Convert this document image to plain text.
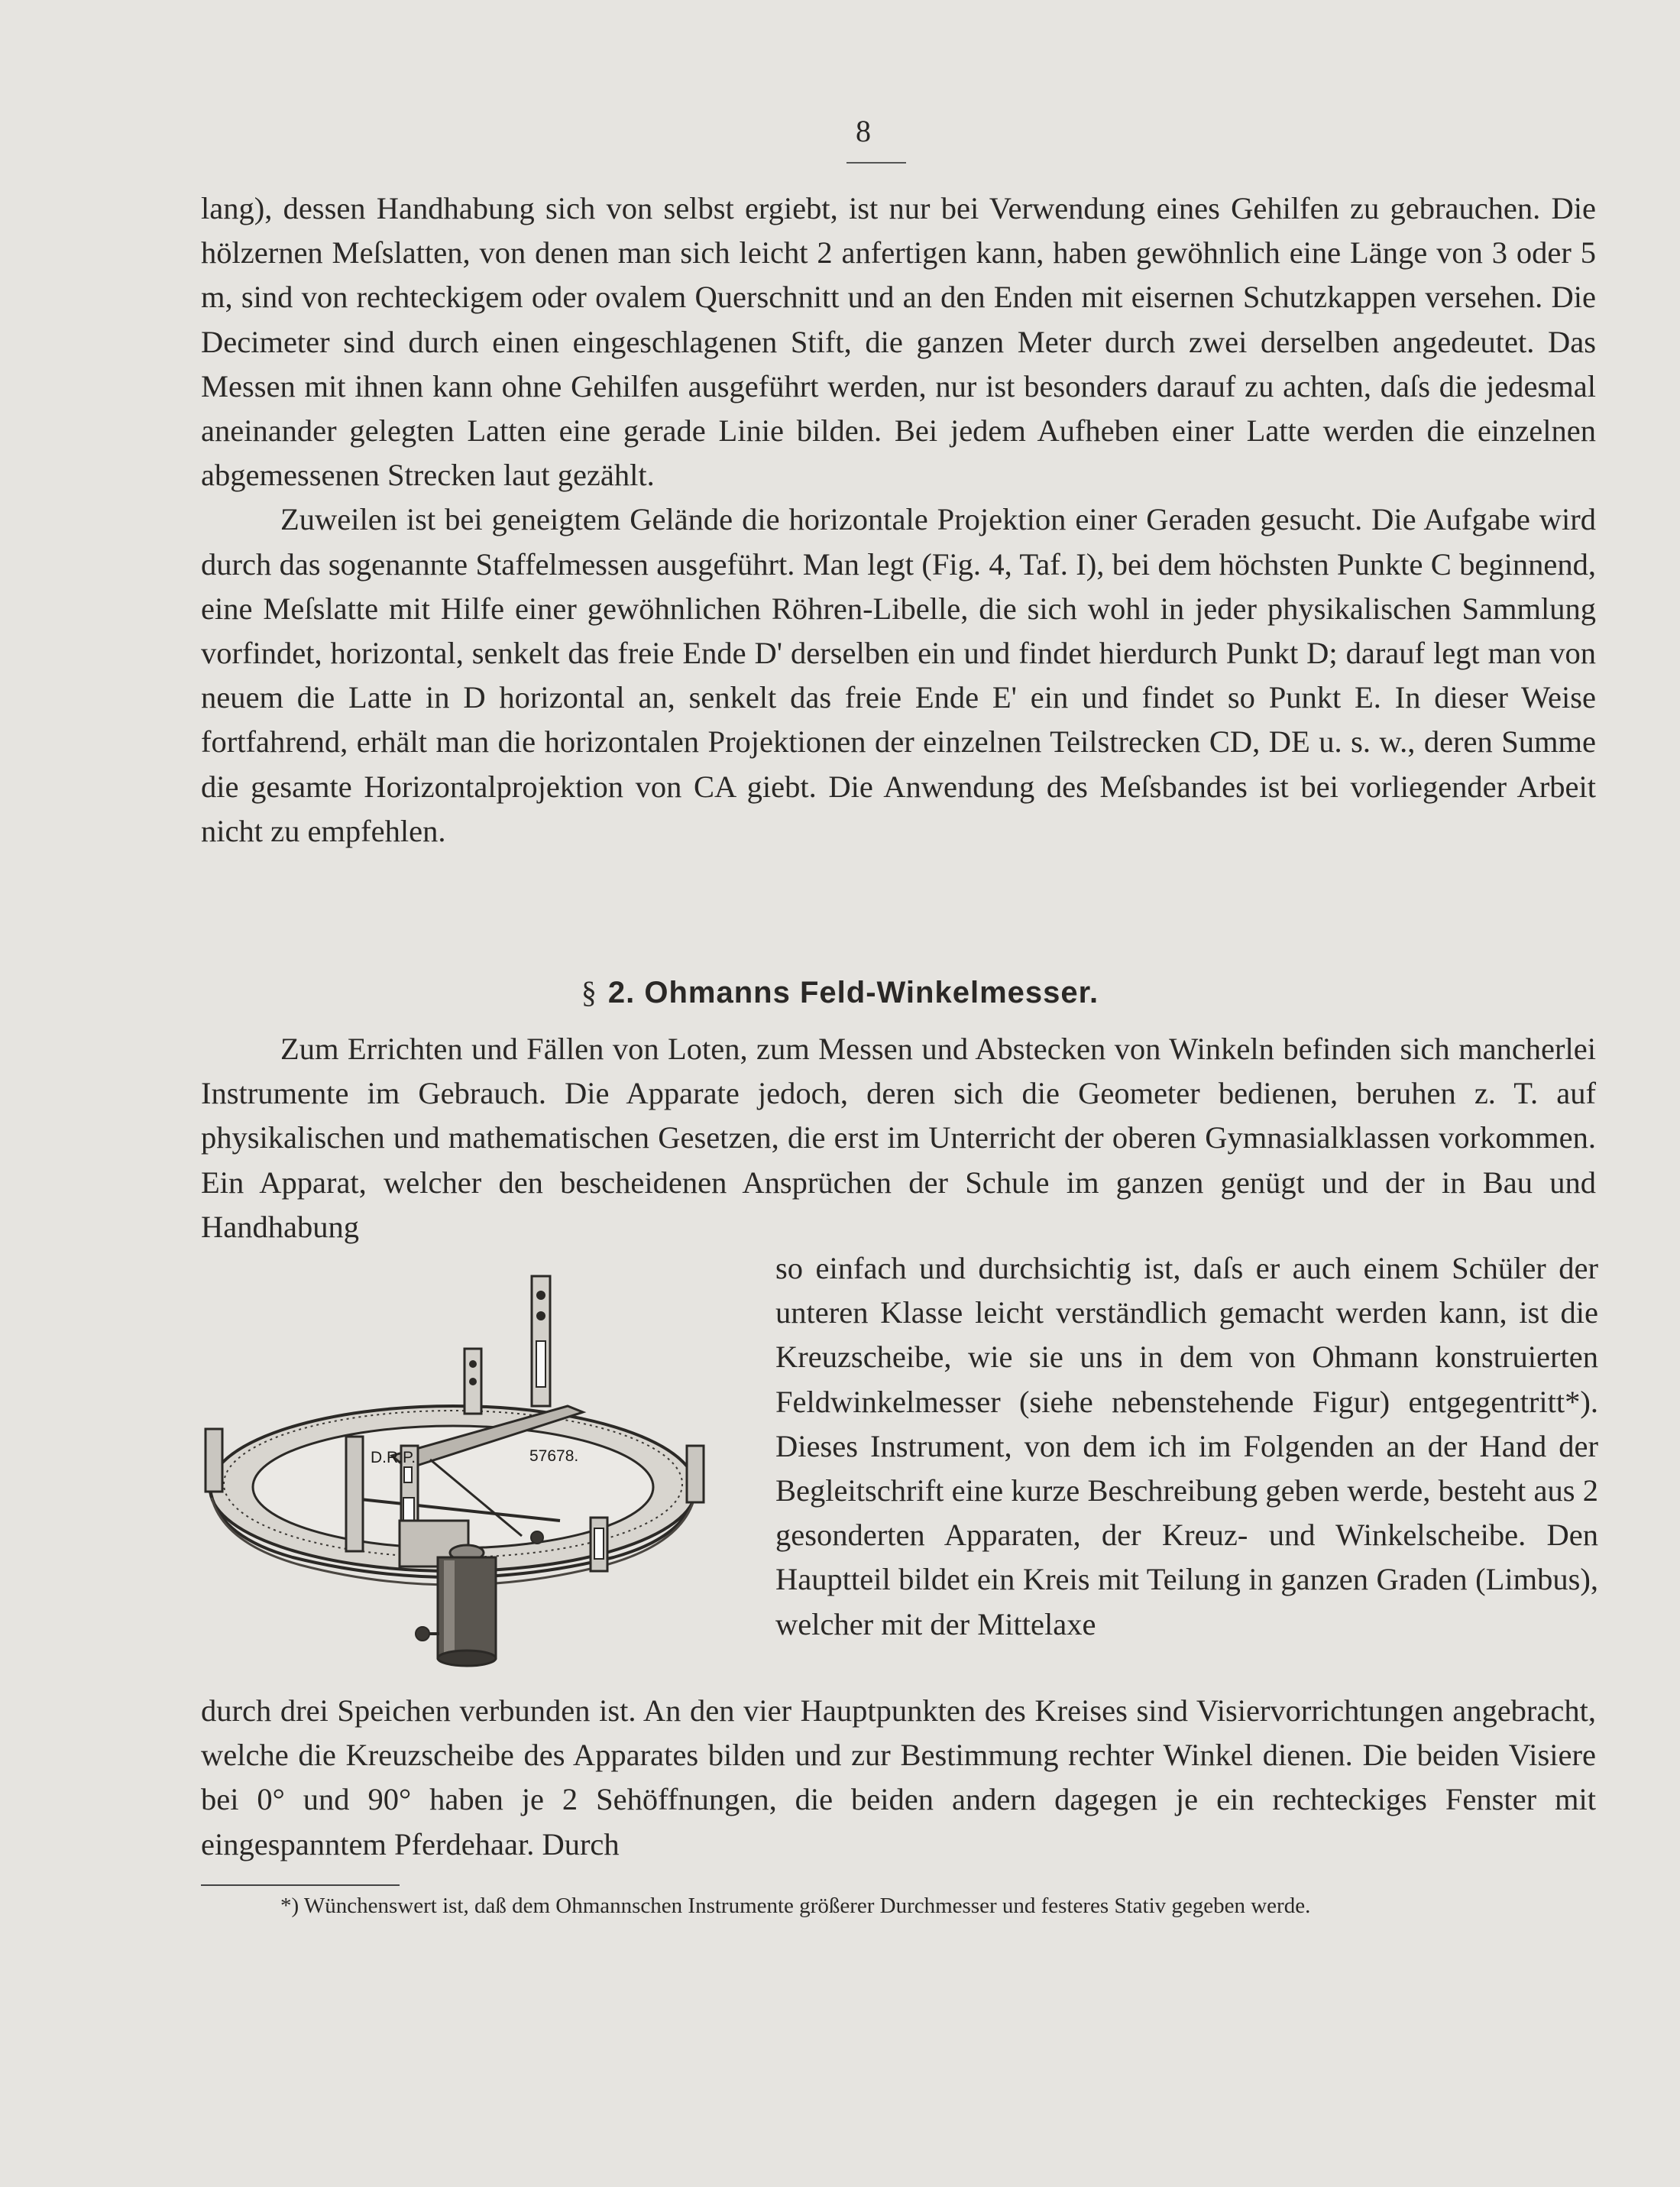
8

lang), dessen Handhabung sich von selbst ergiebt, ist nur bei Verwendung eines Gehilfen zu gebrauchen. Die hölzernen Meſslatten, von denen man sich leicht 2 anfertigen kann, haben gewöhnlich eine Länge von 3 oder 5 m, sind von rechteckigem oder ovalem Querschnitt und an den Enden mit eisernen Schutzkappen versehen. Die Decimeter sind durch einen eingeschlagenen Stift, die ganzen Meter durch zwei derselben angedeutet. Das Messen mit ihnen kann ohne Gehilfen ausgeführt werden, nur ist besonders darauf zu achten, daſs die jedesmal aneinander gelegten Latten eine gerade Linie bilden. Bei jedem Aufheben einer Latte werden die einzelnen abgemessenen Strecken laut gezählt.

Zuweilen ist bei geneigtem Gelände die horizontale Projektion einer Geraden gesucht. Die Aufgabe wird durch das sogenannte Staffelmessen ausgeführt. Man legt (Fig. 4, Taf. I), bei dem höchsten Punkte C beginnend, eine Meſslatte mit Hilfe einer gewöhnlichen Röhren-Libelle, die sich wohl in jeder physikalischen Sammlung vorfindet, horizontal, senkelt das freie Ende D' derselben ein und findet hierdurch Punkt D; darauf legt man von neuem die Latte in D horizontal an, senkelt das freie Ende E' ein und findet so Punkt E. In dieser Weise fortfahrend, erhält man die horizontalen Projektionen der einzelnen Teilstrecken CD, DE u. s. w., deren Summe die gesamte Horizontalprojektion von CA giebt. Die Anwendung des Meſsbandes ist bei vorliegender Arbeit nicht zu empfehlen.

§ 2. Ohmanns Feld-Winkelmesser.

Zum Errichten und Fällen von Loten, zum Messen und Abstecken von Winkeln befinden sich mancherlei Instrumente im Gebrauch. Die Apparate jedoch, deren sich die Geometer bedienen, beruhen z. T. auf physikalischen und mathematischen Gesetzen, die erst im Unterricht der oberen Gymnasialklassen vorkommen. Ein Apparat, welcher den bescheidenen Ansprüchen der Schule im ganzen genügt und der in Bau und Handhabung

D.R.P.	57678.

so einfach und durchsichtig ist, daſs er auch einem Schüler der unteren Klasse leicht verständlich gemacht werden kann, ist die Kreuzscheibe, wie sie uns in dem von Ohmann konstruierten Feldwinkelmesser (siehe nebenstehende Figur) entgegentritt*). Dieses Instrument, von dem ich im Folgenden an der Hand der Begleitschrift eine kurze Beschreibung geben werde, besteht aus 2 gesonderten Apparaten, der Kreuz- und Winkelscheibe. Den Hauptteil bildet ein Kreis mit Teilung in ganzen Graden (Limbus), welcher mit der Mittelaxe

durch drei Speichen verbunden ist. An den vier Hauptpunkten des Kreises sind Visiervorrichtungen angebracht, welche die Kreuzscheibe des Apparates bilden und zur Bestimmung rechter Winkel dienen. Die beiden Visiere bei 0° und 90° haben je 2 Sehöffnungen, die beiden andern dagegen je ein rechteckiges Fenster mit eingespanntem Pferdehaar. Durch

*) Wünchenswert ist, daß dem Ohmannschen Instrumente größerer Durchmesser und festeres Stativ gegeben werde.
